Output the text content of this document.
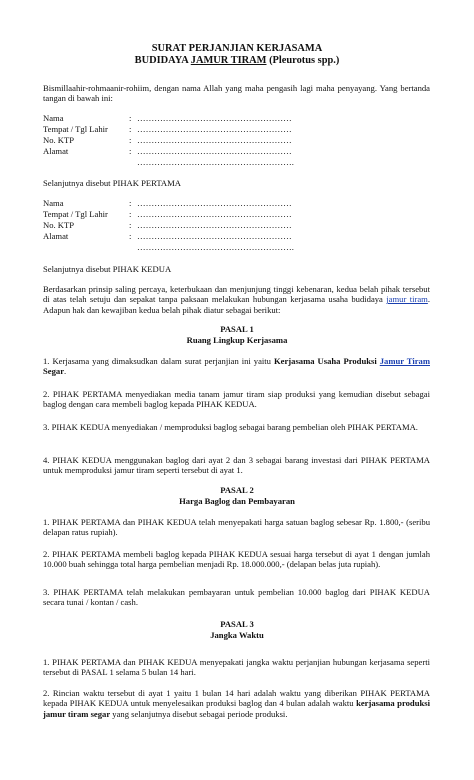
SURAT PERJANJIAN KERJASAMA
BUDIDAYA JAMUR TIRAM (Pleurotus spp.)
Bismillaahir-rohmaanir-rohiim, dengan nama Allah yang maha pengasih lagi maha penyayang. Yang bertanda tangan di bawah ini:
Nama	: ………………………………………………
Tempat / Tgl Lahir	: ………………………………………………
No. KTP	: ………………………………………………
Alamat	: ………………………………………………
……………………………………………….
Selanjutnya disebut PIHAK PERTAMA
Nama	: ………………………………………………
Tempat / Tgl Lahir	: ………………………………………………
No. KTP	: ………………………………………………
Alamat	: ………………………………………………
……………………………………………….
Selanjutnya disebut PIHAK KEDUA
Berdasarkan prinsip saling percaya, keterbukaan dan menjunjung tinggi kebenaran, kedua belah pihak tersebut di atas telah setuju dan sepakat tanpa paksaan melakukan hubungan kerjasama usaha budidaya jamur tiram. Adapun hak dan kewajiban kedua belah pihak diatur sebagai berikut:
PASAL 1
Ruang Lingkup Kerjasama
1. Kerjasama yang dimaksudkan dalam surat perjanjian ini yaitu Kerjasama Usaha Produksi Jamur Tiram Segar.
2. PIHAK PERTAMA menyediakan media tanam jamur tiram siap produksi yang kemudian disebut sebagai baglog dengan cara membeli baglog kepada PIHAK KEDUA.
3. PIHAK KEDUA menyediakan / memproduksi baglog sebagai barang pembelian oleh PIHAK PERTAMA.
4. PIHAK KEDUA menggunakan baglog dari ayat 2 dan 3 sebagai barang investasi dari PIHAK PERTAMA untuk memproduksi jamur tiram seperti tersebut di ayat 1.
PASAL 2
Harga Baglog dan Pembayaran
1. PIHAK PERTAMA dan PIHAK KEDUA telah menyepakati harga satuan baglog sebesar Rp. 1.800,- (seribu delapan ratus rupiah).
2. PIHAK PERTAMA membeli baglog kepada PIHAK KEDUA sesuai harga tersebut di ayat 1 dengan jumlah 10.000 buah sehingga total harga pembelian menjadi Rp. 18.000.000,- (delapan belas juta rupiah).
3. PIHAK PERTAMA telah melakukan pembayaran untuk pembelian 10.000 baglog dari PIHAK KEDUA secara tunai / kontan / cash.
PASAL 3
Jangka Waktu
1. PIHAK PERTAMA dan PIHAK KEDUA menyepakati jangka waktu perjanjian hubungan kerjasama seperti tersebut di PASAL 1 selama 5 bulan 14 hari.
2. Rincian waktu tersebut di ayat 1 yaitu 1 bulan 14 hari adalah waktu yang diberikan PIHAK PERTAMA kepada PIHAK KEDUA untuk menyelesaikan produksi baglog dan 4 bulan adalah waktu kerjasama produksi jamur tiram segar yang selanjutnya disebut sebagai periode produksi.
